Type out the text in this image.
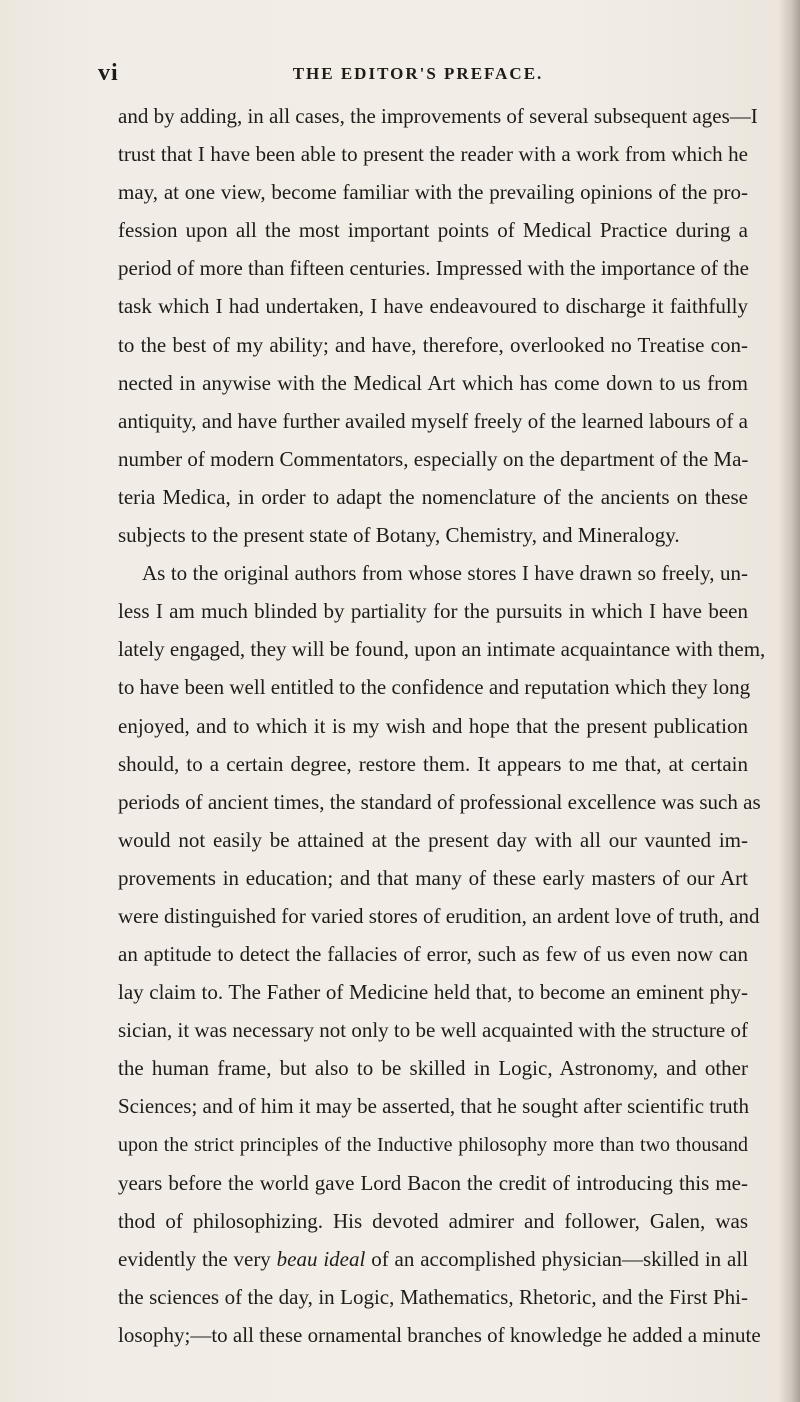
vi	THE EDITOR'S PREFACE.
and by adding, in all cases, the improvements of several subsequent ages—I
trust that I have been able to present the reader with a work from which he
may, at one view, become familiar with the prevailing opinions of the pro-
fession upon all the most important points of Medical Practice during a
period of more than fifteen centuries. Impressed with the importance of the
task which I had undertaken, I have endeavoured to discharge it faithfully
to the best of my ability; and have, therefore, overlooked no Treatise con-
nected in anywise with the Medical Art which has come down to us from
antiquity, and have further availed myself freely of the learned labours of a
number of modern Commentators, especially on the department of the Ma-
teria Medica, in order to adapt the nomenclature of the ancients on these
subjects to the present state of Botany, Chemistry, and Mineralogy.
As to the original authors from whose stores I have drawn so freely, un-
less I am much blinded by partiality for the pursuits in which I have been
lately engaged, they will be found, upon an intimate acquaintance with them,
to have been well entitled to the confidence and reputation which they long
enjoyed, and to which it is my wish and hope that the present publication
should, to a certain degree, restore them. It appears to me that, at certain
periods of ancient times, the standard of professional excellence was such as
would not easily be attained at the present day with all our vaunted im-
provements in education; and that many of these early masters of our Art
were distinguished for varied stores of erudition, an ardent love of truth, and
an aptitude to detect the fallacies of error, such as few of us even now can
lay claim to. The Father of Medicine held that, to become an eminent phy-
sician, it was necessary not only to be well acquainted with the structure of
the human frame, but also to be skilled in Logic, Astronomy, and other
Sciences; and of him it may be asserted, that he sought after scientific truth
upon the strict principles of the Inductive philosophy more than two thousand
years before the world gave Lord Bacon the credit of introducing this me-
thod of philosophizing. His devoted admirer and follower, Galen, was
evidently the very beau ideal of an accomplished physician—skilled in all
the sciences of the day, in Logic, Mathematics, Rhetoric, and the First Phi-
losophy;—to all these ornamental branches of knowledge he added a minute
